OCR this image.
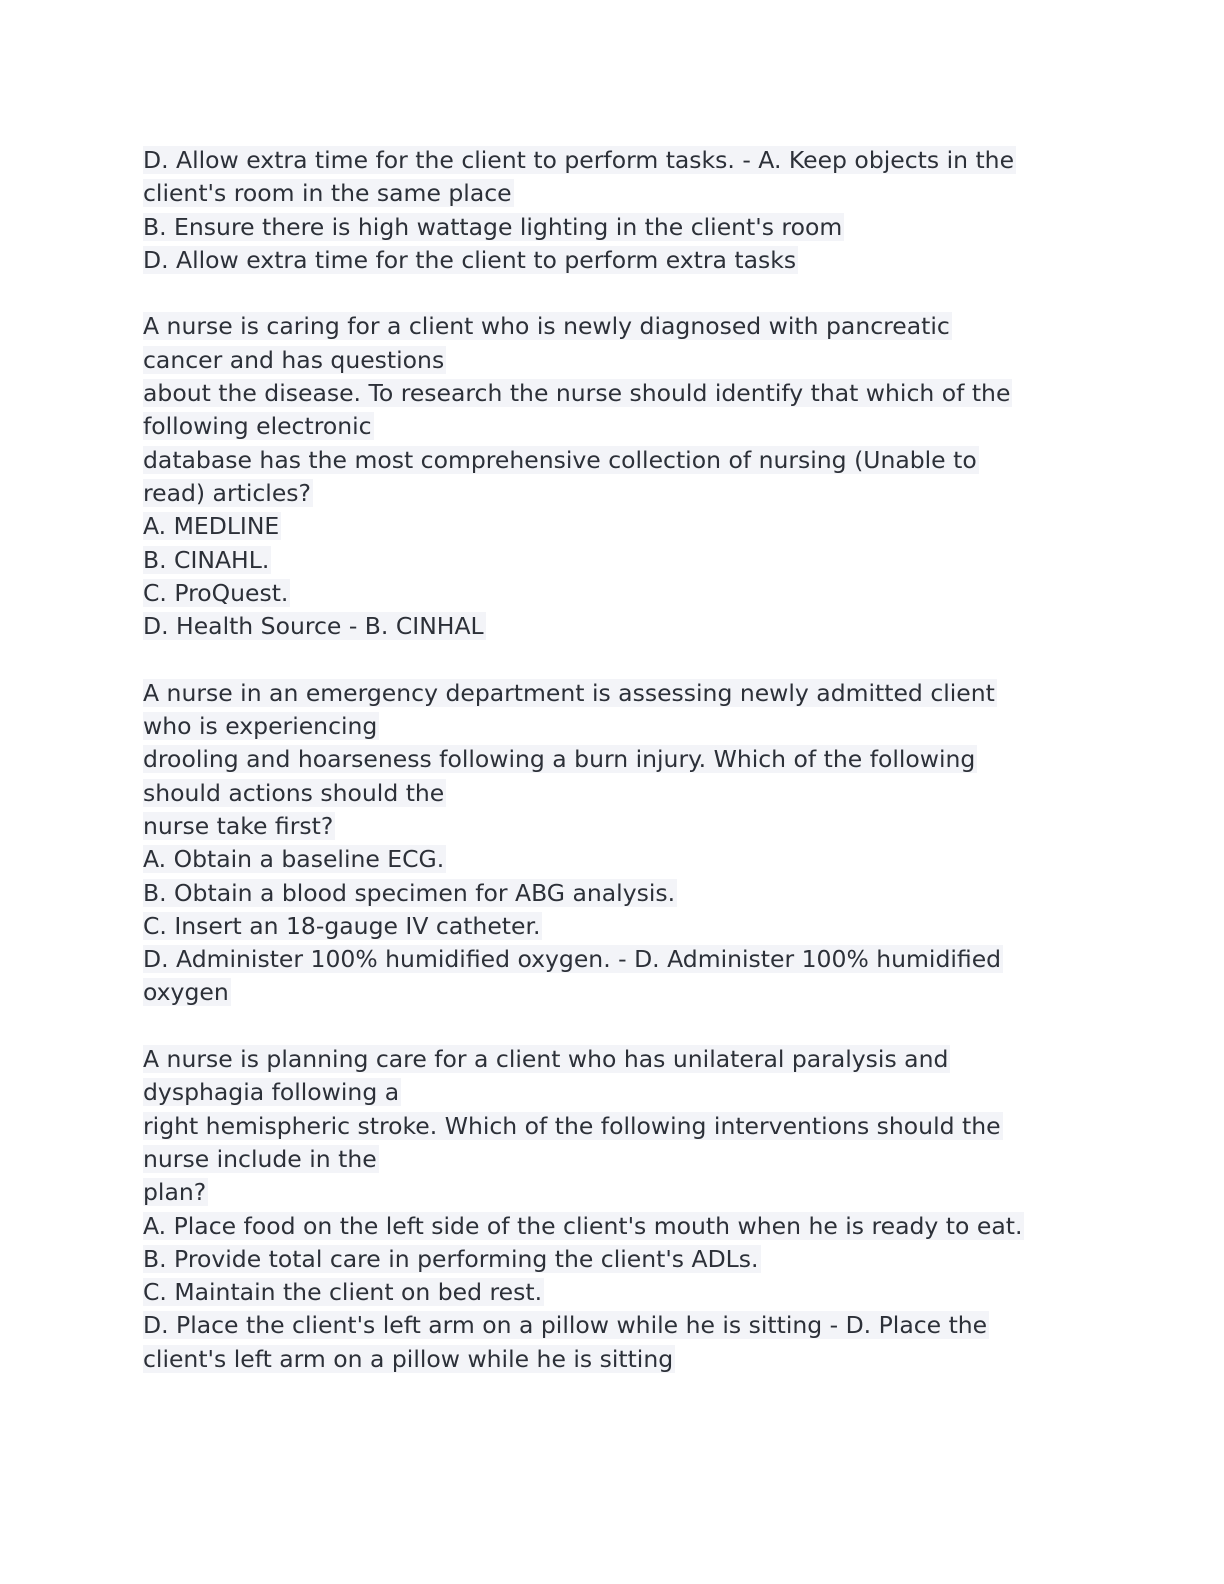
D. Allow extra time for the client to perform tasks. - A. Keep objects in the
client's room in the same place
B. Ensure there is high wattage lighting in the client's room
D. Allow extra time for the client to perform extra tasks
A nurse is caring for a client who is newly diagnosed with pancreatic
cancer and has questions
about the disease. To research the nurse should identify that which of the
following electronic
database has the most comprehensive collection of nursing (Unable to
read) articles?
A. MEDLINE
B. CINAHL.
C. ProQuest.
D. Health Source - B. CINHAL
A nurse in an emergency department is assessing newly admitted client
who is experiencing
drooling and hoarseness following a burn injury. Which of the following
should actions should the
nurse take first?
A. Obtain a baseline ECG.
B. Obtain a blood specimen for ABG analysis.
C. Insert an 18-gauge IV catheter.
D. Administer 100% humidified oxygen. - D. Administer 100% humidified
oxygen
A nurse is planning care for a client who has unilateral paralysis and
dysphagia following a
right hemispheric stroke. Which of the following interventions should the
nurse include in the
plan?
A. Place food on the left side of the client's mouth when he is ready to eat.
B. Provide total care in performing the client's ADLs.
C. Maintain the client on bed rest.
D. Place the client's left arm on a pillow while he is sitting - D. Place the
client's left arm on a pillow while he is sitting
